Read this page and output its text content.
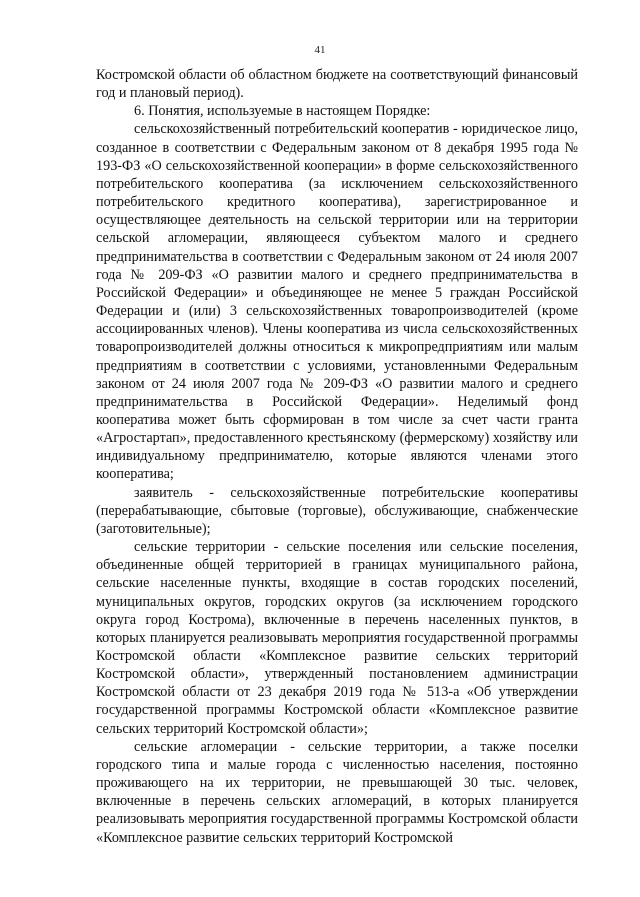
41

Костромской области об областном бюджете на соответствующий финансовый год и плановый период).

6. Понятия, используемые в настоящем Порядке:

сельскохозяйственный потребительский кооператив - юридическое лицо, созданное в соответствии с Федеральным законом от 8 декабря 1995 года № 193-ФЗ «О сельскохозяйственной кооперации» в форме сельскохозяйственного потребительского кооператива (за исключением сельскохозяйственного потребительского кредитного кооператива), зарегистрированное и осуществляющее деятельность на сельской территории или на территории сельской агломерации, являющееся субъектом малого и среднего предпринимательства в соответствии с Федеральным законом от 24 июля 2007 года № 209-ФЗ «О развитии малого и среднего предпринимательства в Российской Федерации» и объединяющее не менее 5 граждан Российской Федерации и (или) 3 сельскохозяйственных товаропроизводителей (кроме ассоциированных членов). Члены кооператива из числа сельскохозяйственных товаропроизводителей должны относиться к микропредприятиям или малым предприятиям в соответствии с условиями, установленными Федеральным законом от 24 июля 2007 года № 209-ФЗ «О развитии малого и среднего предпринимательства в Российской Федерации». Неделимый фонд кооператива может быть сформирован в том числе за счет части гранта «Агростартап», предоставленного крестьянскому (фермерскому) хозяйству или индивидуальному предпринимателю, которые являются членами этого кооператива;

заявитель - сельскохозяйственные потребительские кооперативы (перерабатывающие, сбытовые (торговые), обслуживающие, снабженческие (заготовительные);

сельские территории - сельские поселения или сельские поселения, объединенные общей территорией в границах муниципального района, сельские населенные пункты, входящие в состав городских поселений, муниципальных округов, городских округов (за исключением городского округа город Кострома), включенные в перечень населенных пунктов, в которых планируется реализовывать мероприятия государственной программы Костромской области «Комплексное развитие сельских территорий Костромской области», утвержденный постановлением администрации Костромской области от 23 декабря 2019 года № 513-а «Об утверждении государственной программы Костромской области «Комплексное развитие сельских территорий Костромской области»;

сельские агломерации - сельские территории, а также поселки городского типа и малые города с численностью населения, постоянно проживающего на их территории, не превышающей 30 тыс. человек, включенные в перечень сельских агломераций, в которых планируется реализовывать мероприятия государственной программы Костромской области «Комплексное развитие сельских территорий Костромской
